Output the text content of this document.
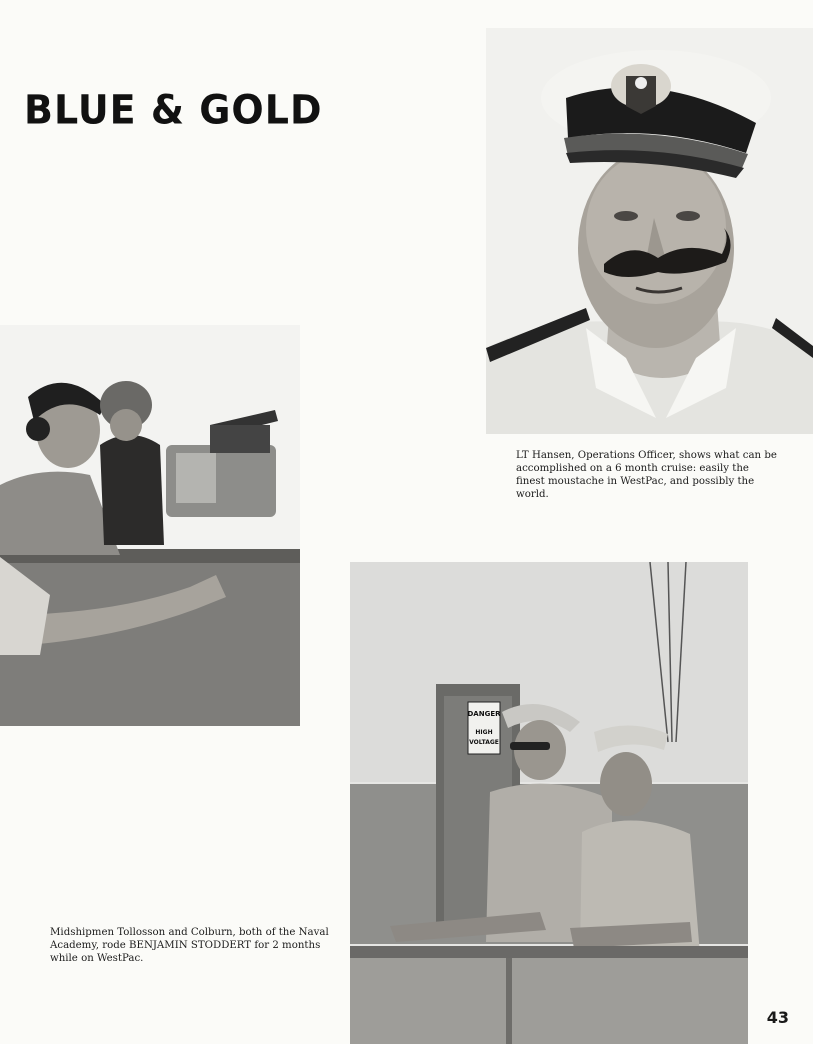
BLUE & GOLD
LT Hansen, Operations Officer, shows what can be accomplished on a 6 month cruise: easily the finest moustache in WestPac, and possibly the world.
DANGER
HIGH
VOLTAGE
Midshipmen Tollosson and Colburn, both of the Naval Academy, rode BENJAMIN STODDERT for 2 months while on WestPac.
43
